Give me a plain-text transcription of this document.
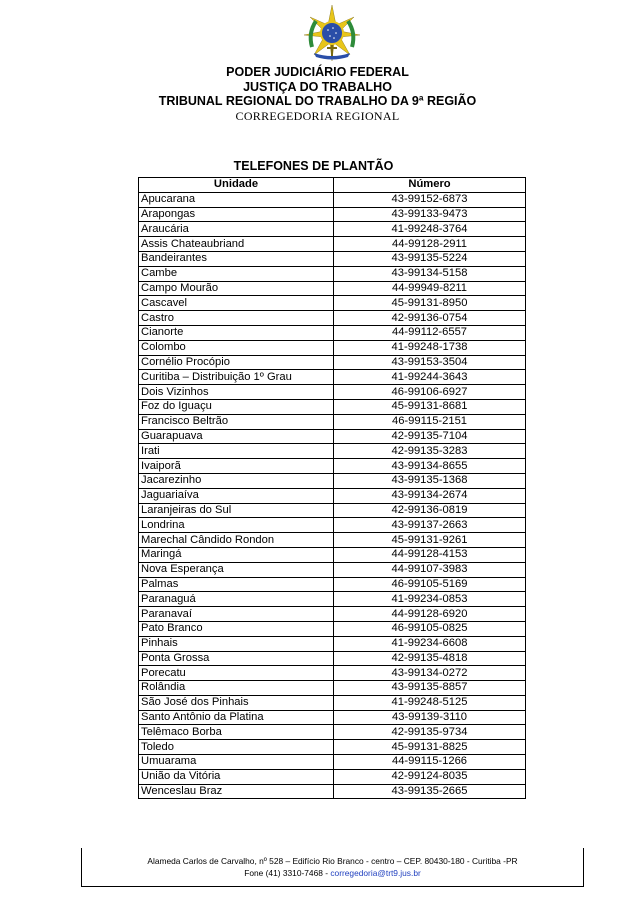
PODER JUDICIÁRIO FEDERAL
JUSTIÇA DO TRABALHO
TRIBUNAL REGIONAL DO TRABALHO DA 9ª REGIÃO
CORREGEDORIA REGIONAL
TELEFONES DE PLANTÃO
Unidade	Número
Apucarana	43-99152-6873
Arapongas	43-99133-9473
Araucária	41-99248-3764
Assis Chateaubriand	44-99128-2911
Bandeirantes	43-99135-5224
Cambe	43-99134-5158
Campo Mourão	44-99949-8211
Cascavel	45-99131-8950
Castro	42-99136-0754
Cianorte	44-99112-6557
Colombo	41-99248-1738
Cornélio Procópio	43-99153-3504
Curitiba – Distribuição 1º Grau	41-99244-3643
Dois Vizinhos	46-99106-6927
Foz do Iguaçu	45-99131-8681
Francisco Beltrão	46-99115-2151
Guarapuava	42-99135-7104
Irati	42-99135-3283
Ivaiporã	43-99134-8655
Jacarezinho	43-99135-1368
Jaguariaíva	43-99134-2674
Laranjeiras do Sul	42-99136-0819
Londrina	43-99137-2663
Marechal Cândido Rondon	45-99131-9261
Maringá	44-99128-4153
Nova Esperança	44-99107-3983
Palmas	46-99105-5169
Paranaguá	41-99234-0853
Paranavaí	44-99128-6920
Pato Branco	46-99105-0825
Pinhais	41-99234-6608
Ponta Grossa	42-99135-4818
Porecatu	43-99134-0272
Rolândia	43-99135-8857
São José dos Pinhais	41-99248-5125
Santo Antônio da Platina	43-99139-3110
Telêmaco Borba	42-99135-9734
Toledo	45-99131-8825
Umuarama	44-99115-1266
União da Vitória	42-99124-8035
Wenceslau Braz	43-99135-2665
Alameda Carlos de Carvalho, nº 528 – Edifício Rio Branco - centro – CEP. 80430-180 - Curitiba -PR
Fone (41) 3310-7468 - corregedoria@trt9.jus.br
